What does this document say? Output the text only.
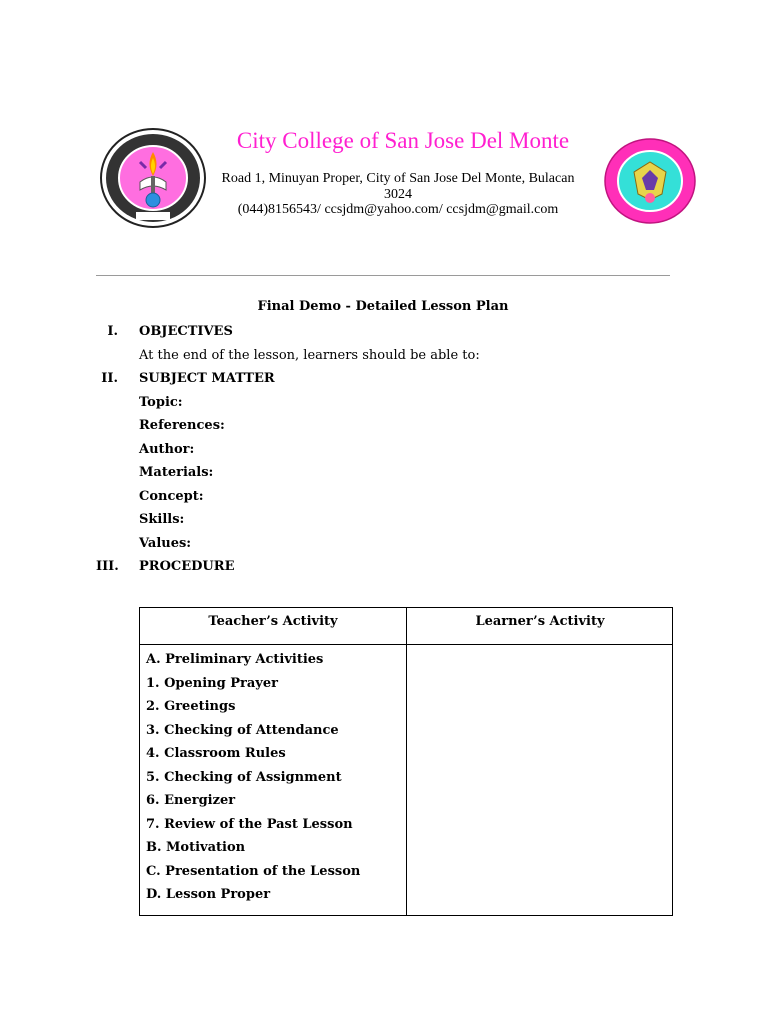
City College of San Jose Del Monte
Road 1, Minuyan Proper, City of San Jose Del Monte, Bulacan
3024
(044)8156543/ ccsjdm@yahoo.com/ ccsjdm@gmail.com
Final Demo - Detailed Lesson Plan
I. OBJECTIVES
At the end of the lesson, learners should be able to:
II. SUBJECT MATTER
Topic:
References:
Author:
Materials:
Concept:
Skills:
Values:
III. PROCEDURE
Teacher’s Activity	Learner’s Activity
A. Preliminary Activities
1. Opening Prayer
2. Greetings
3. Checking of Attendance
4. Classroom Rules
5. Checking of Assignment
6. Energizer
7. Review of the Past Lesson
B. Motivation
C. Presentation of the Lesson
D. Lesson Proper
